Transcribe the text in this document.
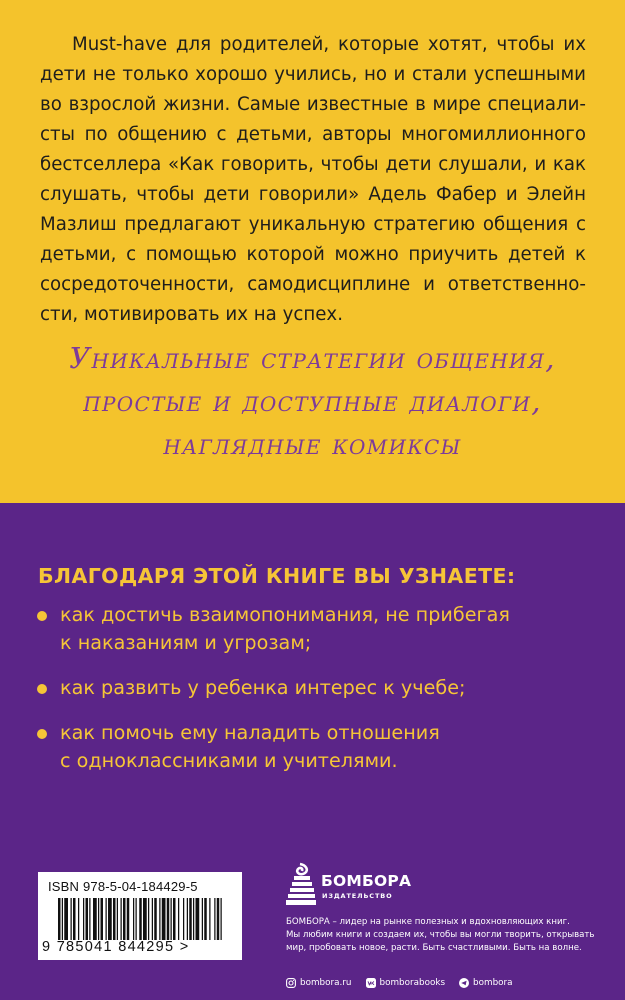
Must-have для родителей, которые хотят, чтобы их дети не только хорошо учились, но и стали успешными во взрослой жизни. Самые известные в мире специалисты по общению с детьми, авторы многомиллионного бестселлера «Как говорить, чтобы дети слушали, и как слушать, чтобы дети говорили» Адель Фабер и Элейн Мазлиш предлагают уникальную стратегию общения с детьми, с помощью которой можно приучить детей к сосредоточенности, самодисциплине и ответственности, мотивировать их на успех.

Уникальные стратегии общения,
простые и доступные диалоги,
наглядные комиксы
БЛАГОДАРЯ ЭТОЙ КНИГЕ ВЫ УЗНАЕТЕ:
как достичь взаимопонимания, не прибегая
к наказаниям и угрозам;
как развить у ребенка интерес к учебе;
как помочь ему наладить отношения
с одноклассниками и учителями.
ISBN 978-5-04-184429-5
9 785041 844295 >
БОМБОРА
ИЗДАТЕЛЬСТВО

БОМБОРА – лидер на рынке полезных и вдохновляющих книг.
Мы любим книги и создаем их, чтобы вы могли творить, открывать
мир, пробовать новое, расти. Быть счастливыми. Быть на волне.

bombora.ru	bomborabooks	bombora
